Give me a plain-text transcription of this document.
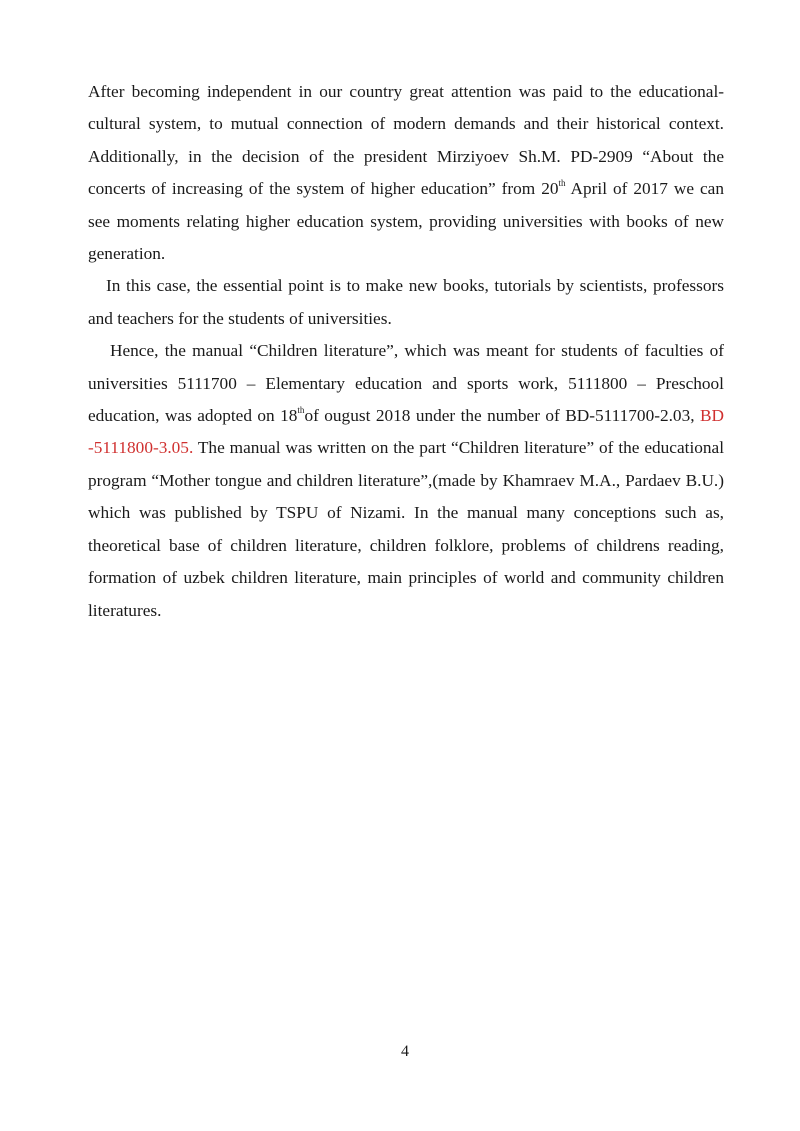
After becoming independent in our country great attention was paid to the educational-cultural system, to mutual connection of modern demands and their historical context. Additionally, in the decision of the president Mirziyoev Sh.M. PD-2909 “About the concerts of increasing of the system of higher education” from 20th April of 2017 we can see moments relating higher education system, providing universities with books of new generation.

In this case, the essential point is to make new books, tutorials by scientists, professors and teachers for the students of universities.

Hence, the manual “Children literature”, which was meant for students of faculties of universities 5111700 – Elementary education and sports work, 5111800 – Preschool education, was adopted on 18thof ougust 2018 under the number of BD-5111700-2.03, BD -5111800-3.05. The manual was written on the part “Children literature” of the educational program “Mother tongue and children literature”,(made by Khamraev M.A., Pardaev B.U.) which was published by TSPU of Nizami. In the manual many conceptions such as, theoretical base of children literature, children folklore, problems of childrens reading, formation of uzbek children literature, main principles of world and community children literatures.

4
